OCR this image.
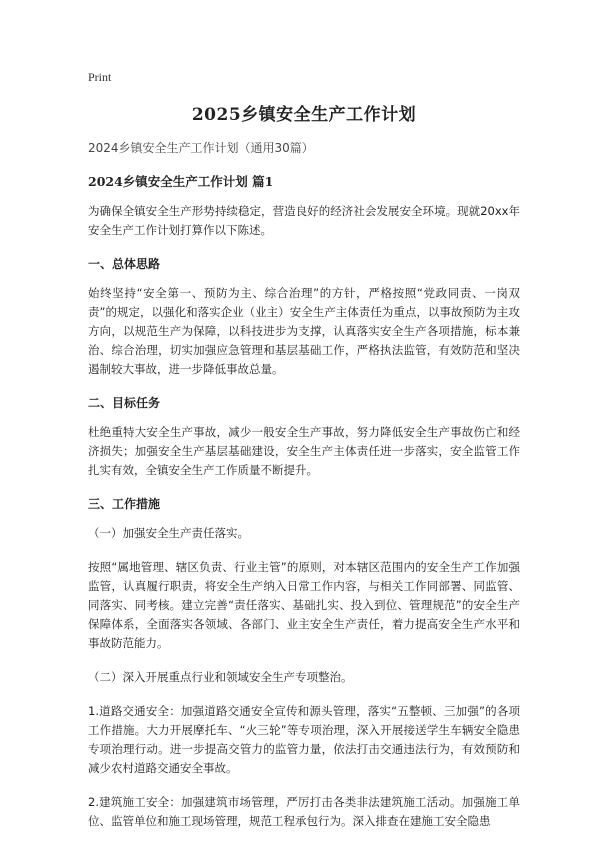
Print
2025乡镇安全生产工作计划
2024乡镇安全生产工作计划（通用30篇）
2024乡镇安全生产工作计划 篇1

为确保全镇安全生产形势持续稳定，营造良好的经济社会发展安全环境。现就20xx年安全生产工作计划打算作以下陈述。

一、总体思路

始终坚持“安全第一、预防为主、综合治理”的方针，严格按照“党政同责、一岗双责”的规定，以强化和落实企业（业主）安全生产主体责任为重点，以事故预防为主攻方向，以规范生产为保障，以科技进步为支撑，认真落实安全生产各项措施，标本兼治、综合治理，切实加强应急管理和基层基础工作，严格执法监管，有效防范和坚决遏制较大事故，进一步降低事故总量。

二、目标任务

杜绝重特大安全生产事故，减少一般安全生产事故，努力降低安全生产事故伤亡和经济损失；加强安全生产基层基础建设，安全生产主体责任进一步落实，安全监管工作扎实有效，全镇安全生产工作质量不断提升。

三、工作措施

（一）加强安全生产责任落实。

按照“属地管理、辖区负责、行业主管”的原则，对本辖区范围内的安全生产工作加强监管，认真履行职责，将安全生产纳入日常工作内容，与相关工作同部署、同监管、同落实、同考核。建立完善“责任落实、基础扎实、投入到位、管理规范”的安全生产保障体系，全面落实各领域、各部门、业主安全生产责任，着力提高安全生产水平和事故防范能力。

（二）深入开展重点行业和领域安全生产专项整治。

1.道路交通安全：加强道路交通安全宣传和源头管理，落实“五整顿、三加强”的各项工作措施。大力开展摩托车、“火三轮”等专项治理，深入开展接送学生车辆安全隐患专项治理行动。进一步提高交管力的监管力量，依法打击交通违法行为，有效预防和减少农村道路交通安全事故。

2.建筑施工安全：加强建筑市场管理，严厉打击各类非法建筑施工活动。加强施工单位、监管单位和施工现场管理，规范工程承包行为。深入排查在建施工安全隐患
